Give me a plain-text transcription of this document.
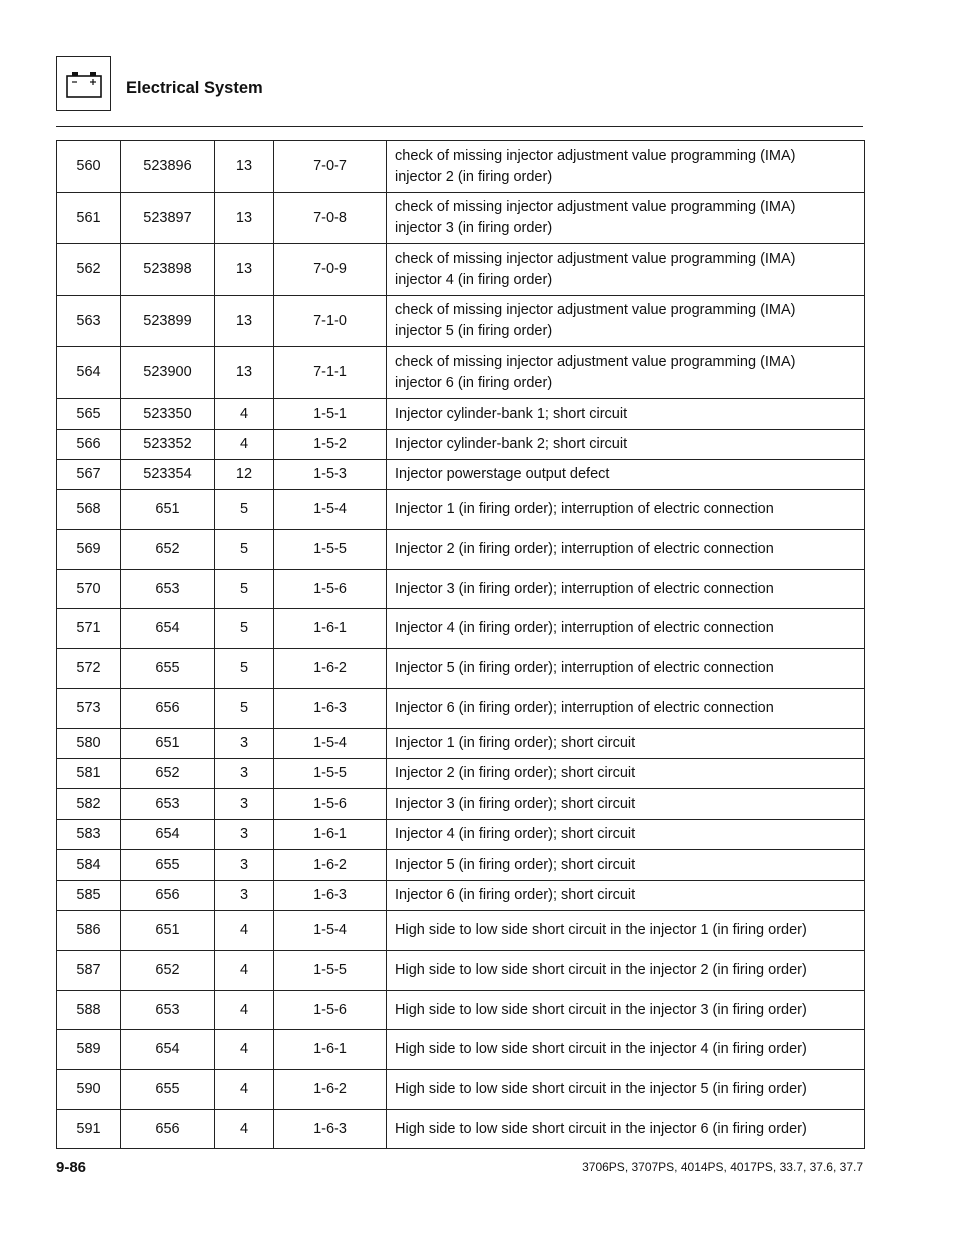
Electrical System
560	523896	13	7-0-7	check of missing injector adjustment value programming (IMA)
injector 2 (in firing order)

561	523897	13	7-0-8	check of missing injector adjustment value programming (IMA)
injector 3 (in firing order)

562	523898	13	7-0-9	check of missing injector adjustment value programming (IMA)
injector 4 (in firing order)

563	523899	13	7-1-0	check of missing injector adjustment value programming (IMA)
injector 5 (in firing order)

564	523900	13	7-1-1	check of missing injector adjustment value programming (IMA)
injector 6 (in firing order)

565	523350	4	1-5-1	Injector cylinder-bank 1; short circuit

566	523352	4	1-5-2	Injector cylinder-bank 2; short circuit

567	523354	12	1-5-3	Injector powerstage output defect

568	651	5	1-5-4	Injector 1 (in firing order); interruption of electric connection

569	652	5	1-5-5	Injector 2 (in firing order); interruption of electric connection

570	653	5	1-5-6	Injector 3 (in firing order); interruption of electric connection

571	654	5	1-6-1	Injector 4 (in firing order); interruption of electric connection

572	655	5	1-6-2	Injector 5 (in firing order); interruption of electric connection

573	656	5	1-6-3	Injector 6 (in firing order); interruption of electric connection

580	651	3	1-5-4	Injector 1 (in firing order); short circuit

581	652	3	1-5-5	Injector 2 (in firing order); short circuit

582	653	3	1-5-6	Injector 3 (in firing order); short circuit

583	654	3	1-6-1	Injector 4 (in firing order); short circuit

584	655	3	1-6-2	Injector 5 (in firing order); short circuit

585	656	3	1-6-3	Injector 6 (in firing order); short circuit

586	651	4	1-5-4	High side to low side short circuit in the injector 1 (in firing order)

587	652	4	1-5-5	High side to low side short circuit in the injector 2 (in firing order)

588	653	4	1-5-6	High side to low side short circuit in the injector 3 (in firing order)

589	654	4	1-6-1	High side to low side short circuit in the injector 4 (in firing order)

590	655	4	1-6-2	High side to low side short circuit in the injector 5 (in firing order)

591	656	4	1-6-3	High side to low side short circuit in the injector 6 (in firing order)
9-86	3706PS, 3707PS, 4014PS, 4017PS, 33.7, 37.6, 37.7
